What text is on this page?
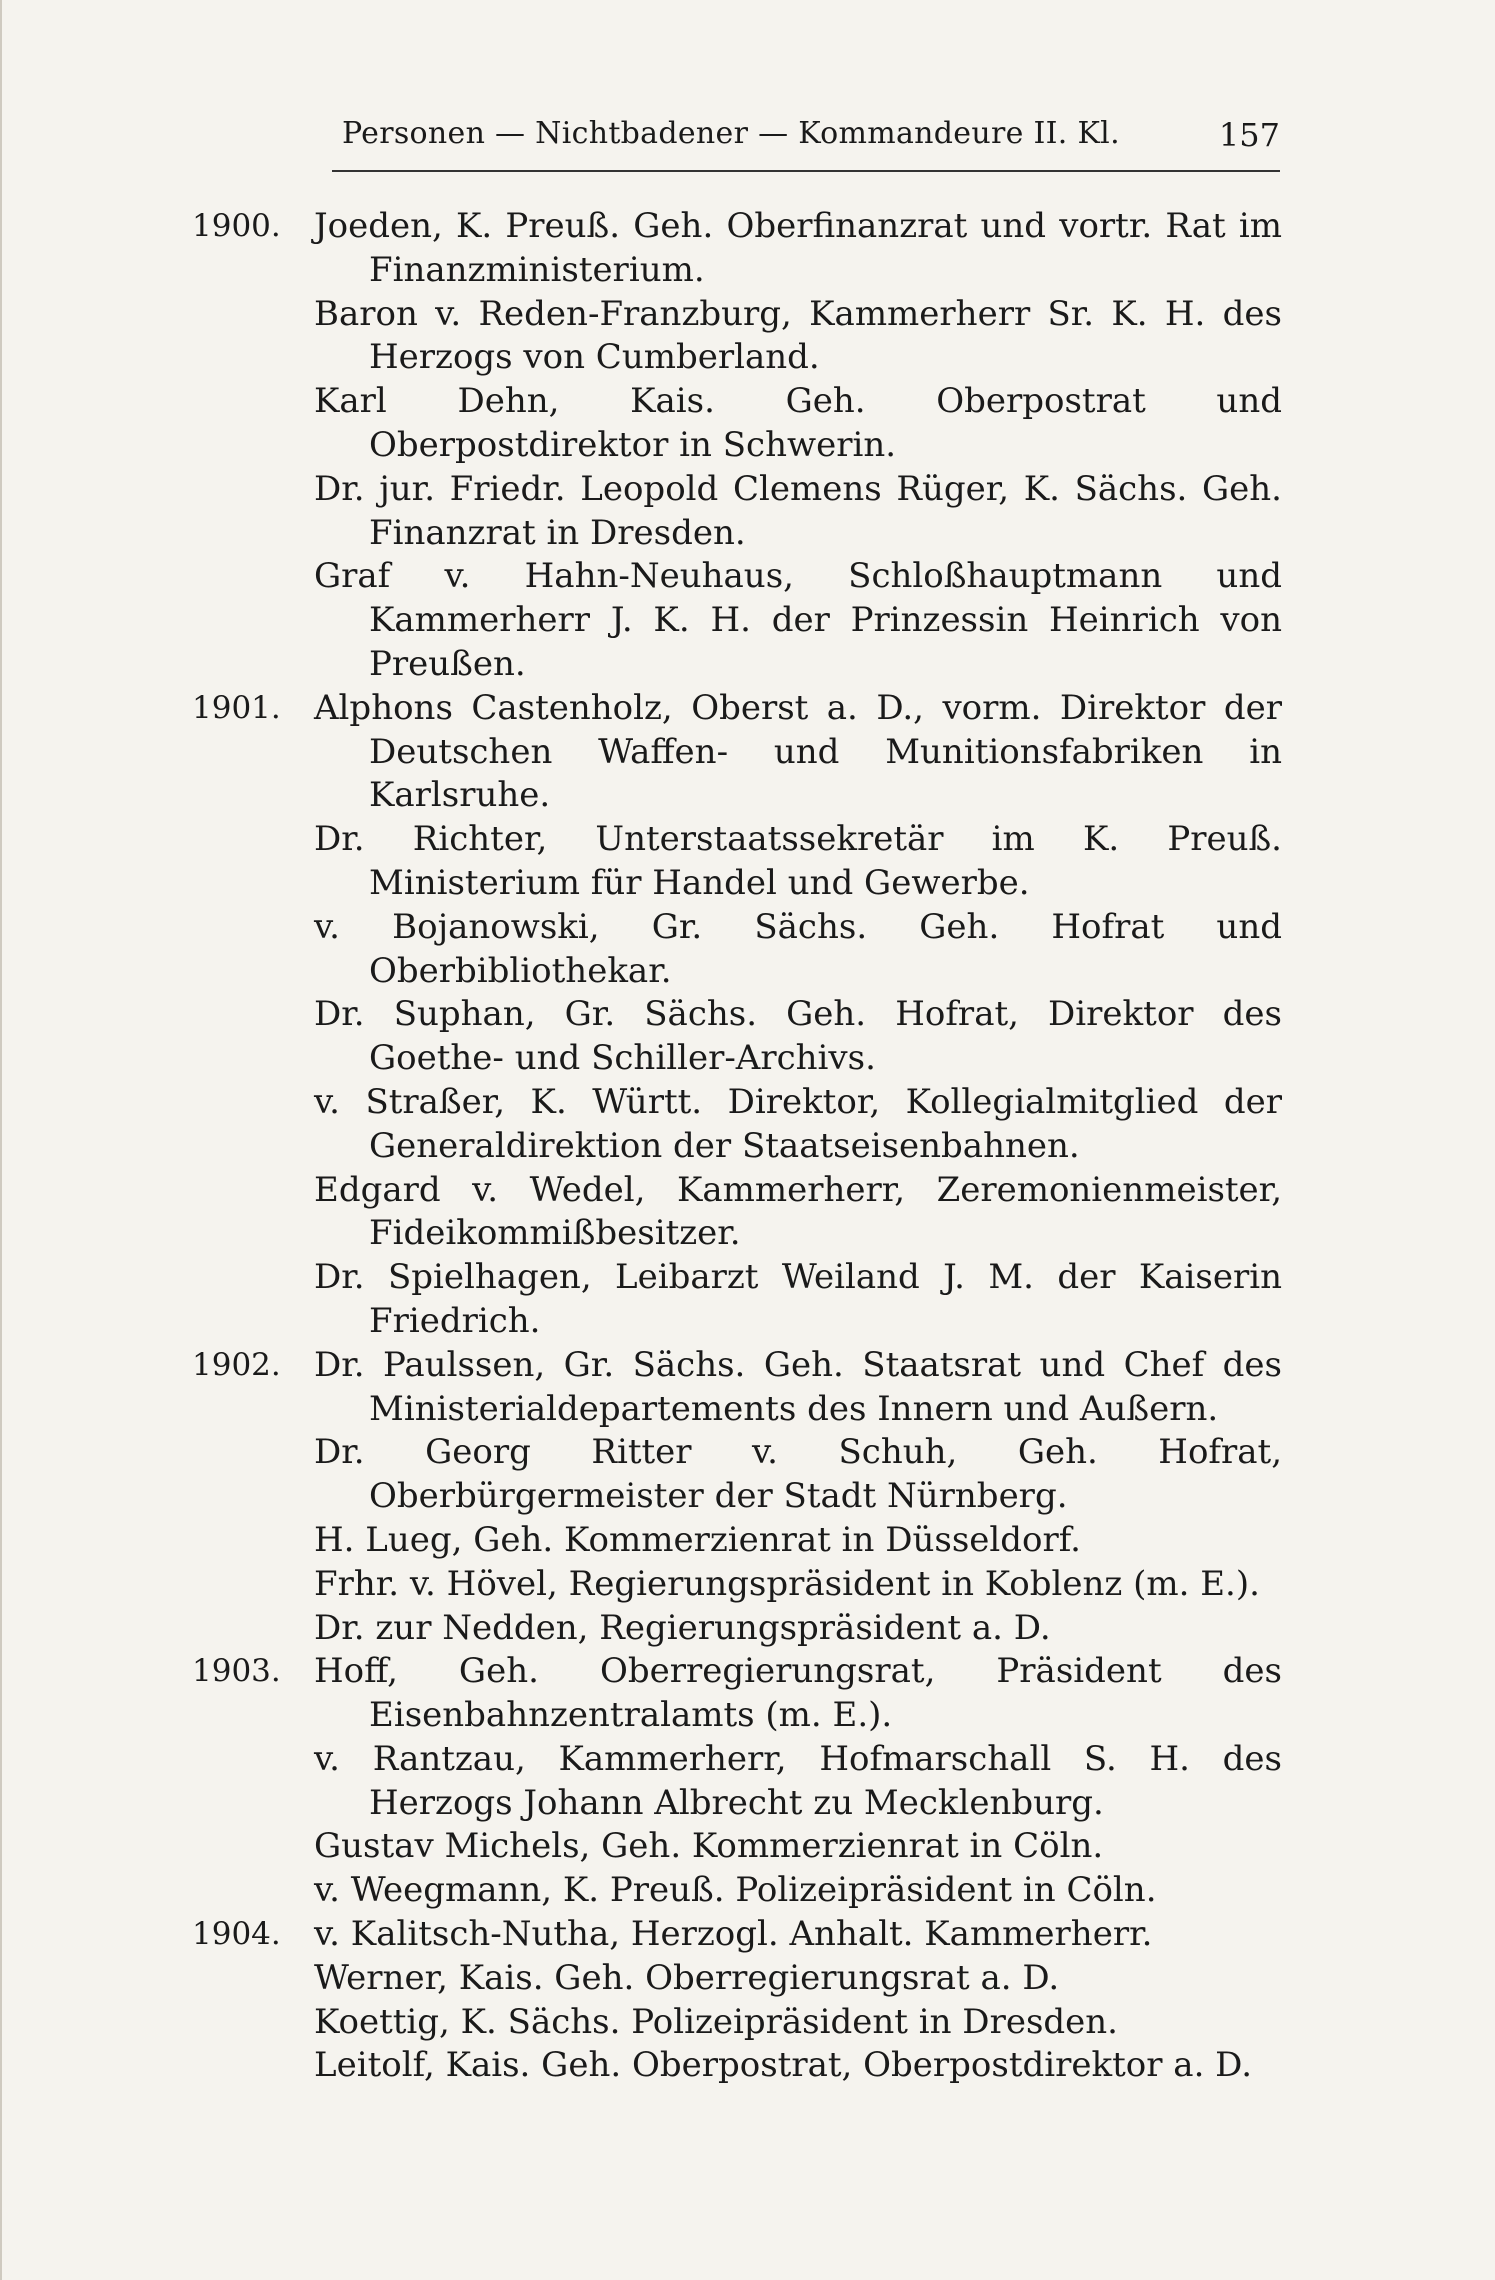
Personen — Nichtbadener — Kommandeure II. Kl.	157
1900. Joeden, K. Preuß. Geh. Oberfinanzrat und vortr. Rat im Finanzministerium.
Baron v. Reden-Franzburg, Kammerherr Sr. K. H. des Herzogs von Cumberland.
Karl Dehn, Kais. Geh. Oberpostrat und Oberpostdirektor in Schwerin.
Dr. jur. Friedr. Leopold Clemens Rüger, K. Sächs. Geh. Finanzrat in Dresden.
Graf v. Hahn-Neuhaus, Schloßhauptmann und Kammerherr J. K. H. der Prinzessin Heinrich von Preußen.
1901. Alphons Castenholz, Oberst a. D., vorm. Direktor der Deutschen Waffen- und Munitionsfabriken in Karlsruhe.
Dr. Richter, Unterstaatssekretär im K. Preuß. Ministerium für Handel und Gewerbe.
v. Bojanowski, Gr. Sächs. Geh. Hofrat und Oberbibliothekar.
Dr. Suphan, Gr. Sächs. Geh. Hofrat, Direktor des Goethe- und Schiller-Archivs.
v. Straßer, K. Württ. Direktor, Kollegialmitglied der Generaldirektion der Staatseisenbahnen.
Edgard v. Wedel, Kammerherr, Zeremonienmeister, Fideikommißbesitzer.
Dr. Spielhagen, Leibarzt Weiland J. M. der Kaiserin Friedrich.
1902. Dr. Paulssen, Gr. Sächs. Geh. Staatsrat und Chef des Ministerialdepartements des Innern und Außern.
Dr. Georg Ritter v. Schuh, Geh. Hofrat, Oberbürgermeister der Stadt Nürnberg.
H. Lueg, Geh. Kommerzienrat in Düsseldorf.
Frhr. v. Hövel, Regierungspräsident in Koblenz (m. E.).
Dr. zur Nedden, Regierungspräsident a. D.
1903. Hoff, Geh. Oberregierungsrat, Präsident des Eisenbahnzentralamts (m. E.).
v. Rantzau, Kammerherr, Hofmarschall S. H. des Herzogs Johann Albrecht zu Mecklenburg.
Gustav Michels, Geh. Kommerzienrat in Cöln.
v. Weegmann, K. Preuß. Polizeipräsident in Cöln.
1904. v. Kalitsch-Nutha, Herzogl. Anhalt. Kammerherr.
Werner, Kais. Geh. Oberregierungsrat a. D.
Koettig, K. Sächs. Polizeipräsident in Dresden.
Leitolf, Kais. Geh. Oberpostrat, Oberpostdirektor a. D.
